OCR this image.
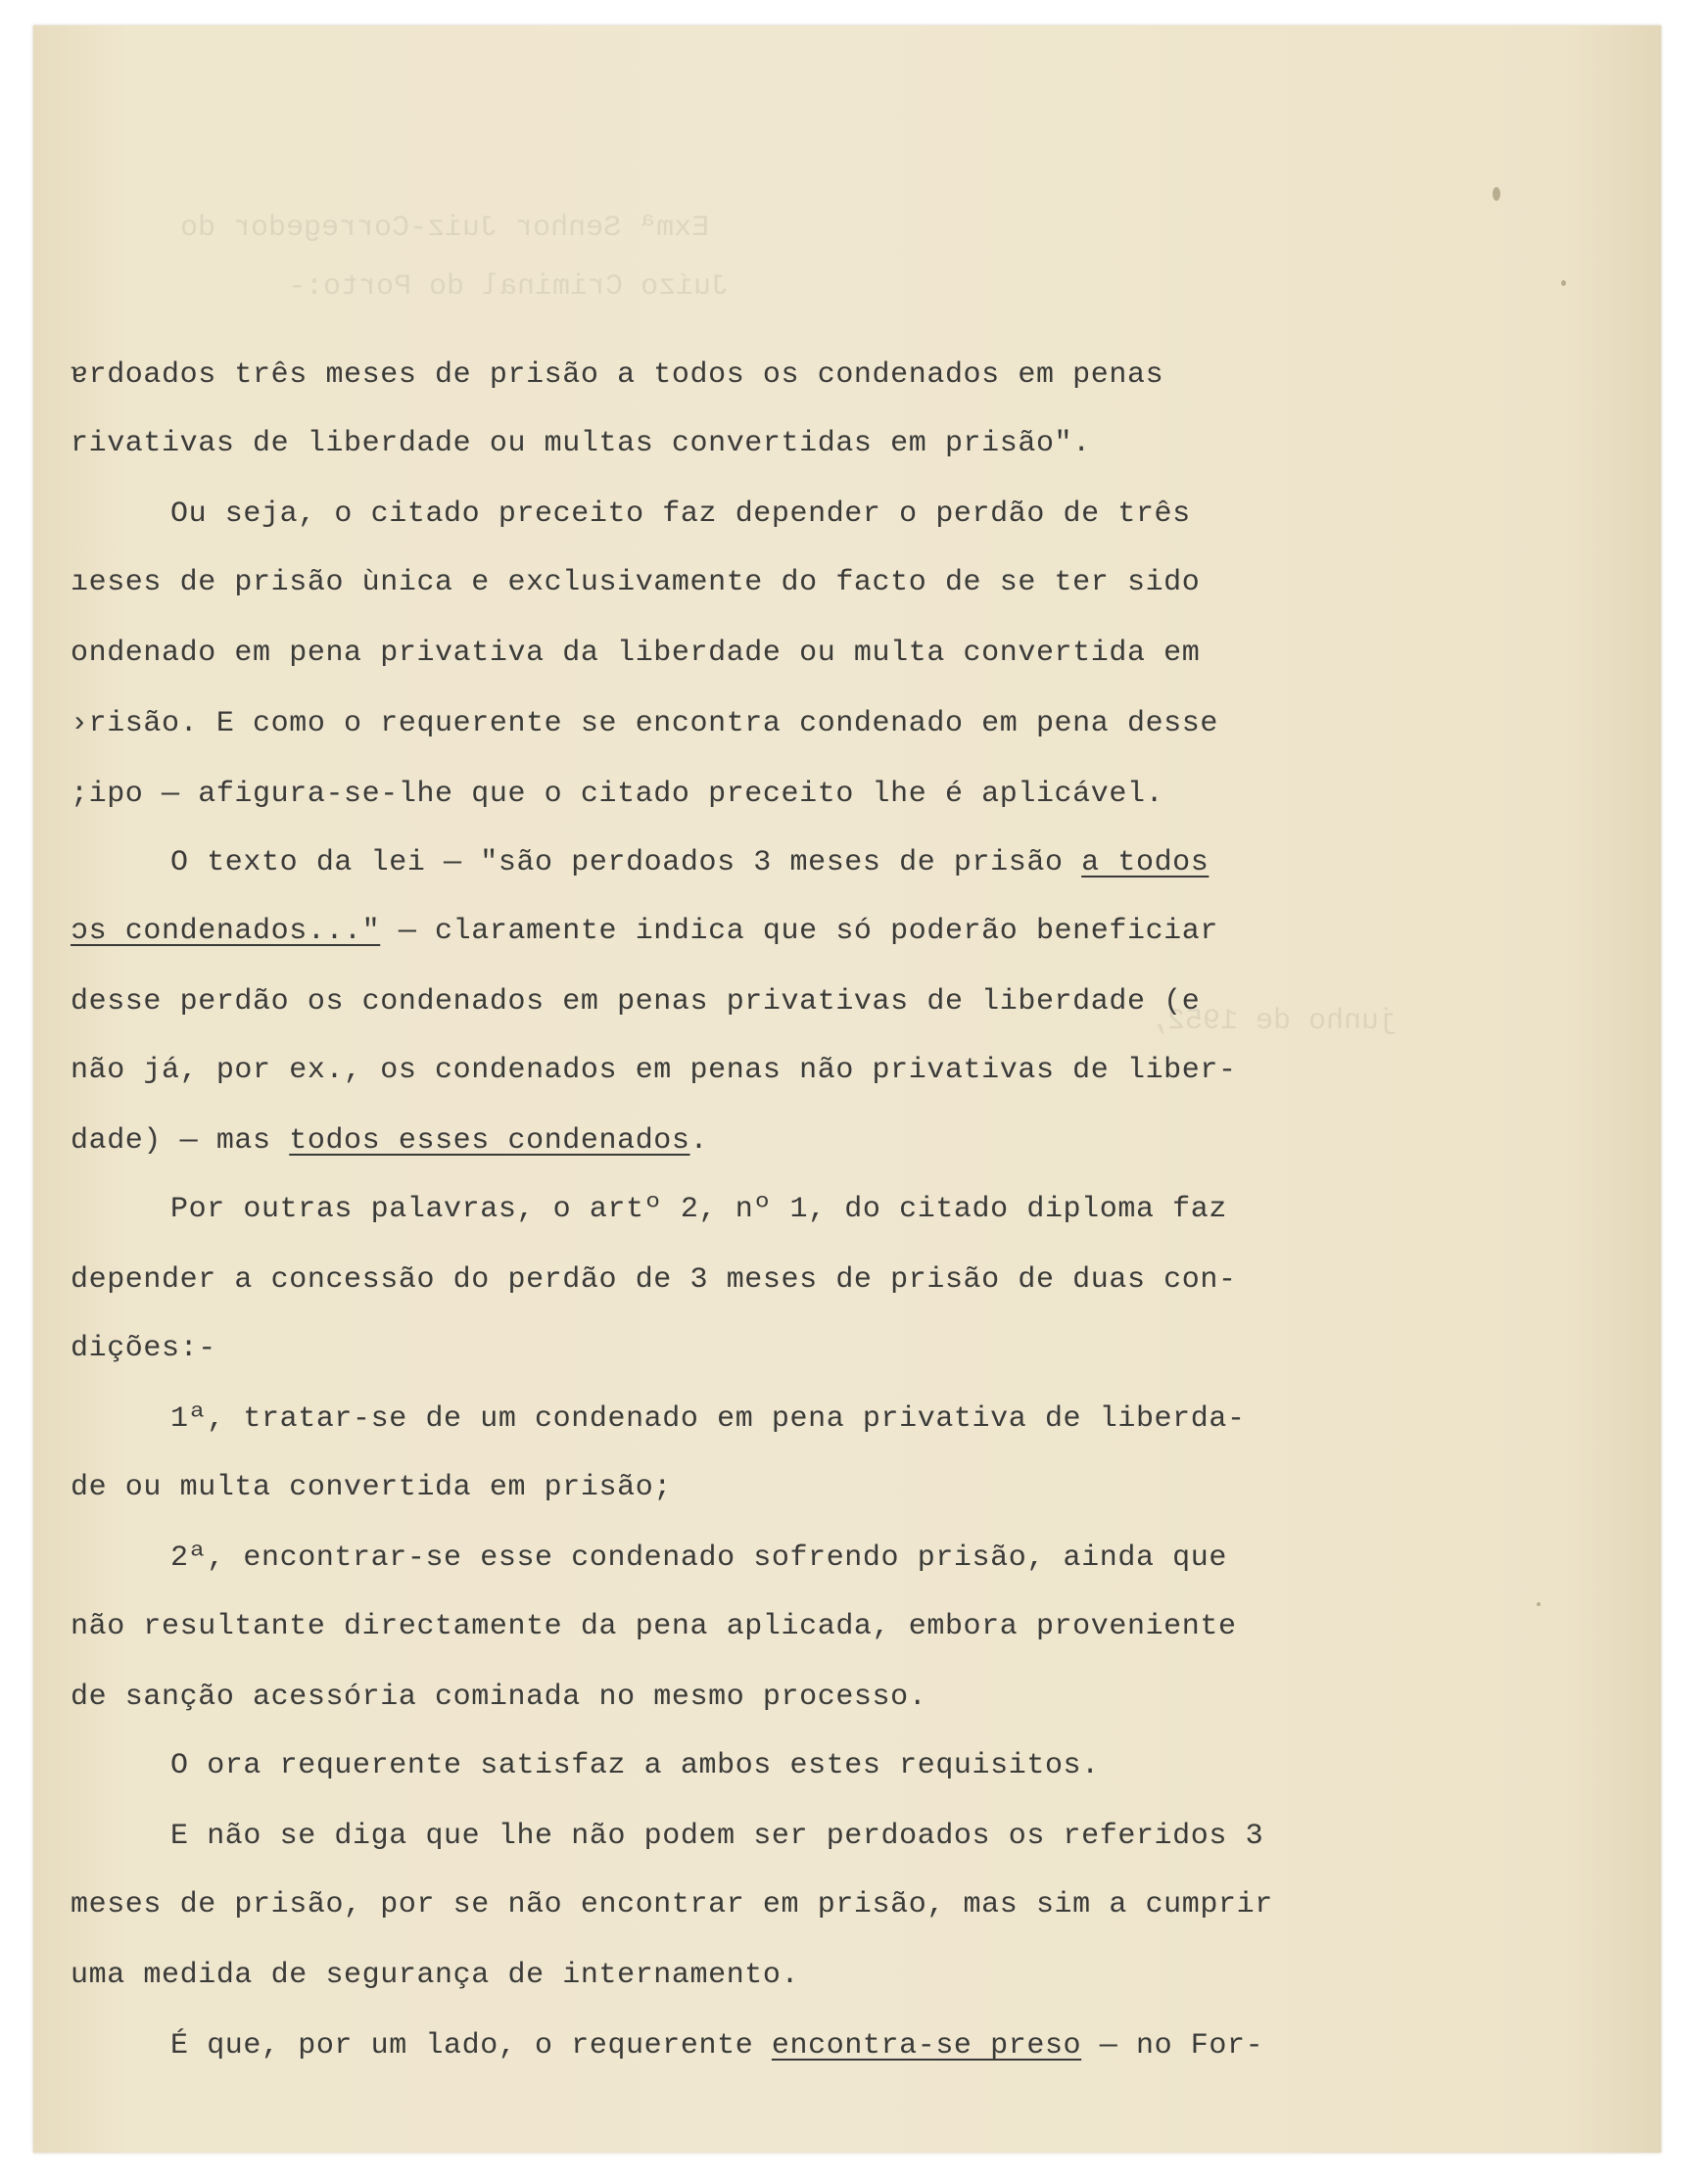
Exmª Senhor Juiz-Corregedor do
Juízo Criminal do Porto:-
junho de 1952,
ɐrdoados três meses de prisão a todos os condenados em penas
rivativas de liberdade ou multas convertidas em prisão".
Ou seja, o citado preceito faz depender o perdão de três
ıeses de prisão ùnica e exclusivamente do facto de se ter sido
ondenado em pena privativa da liberdade ou multa convertida em
›risão. E como o requerente se encontra condenado em pena desse
;ipo — afigura-se-lhe que o citado preceito lhe é aplicável.
O texto da lei — "são perdoados 3 meses de prisão a todos
ɔs condenados..." — claramente indica que só poderão beneficiar
desse perdão os condenados em penas privativas de liberdade (e
não já, por ex., os condenados em penas não privativas de liber-
dade) — mas todos esses condenados.
Por outras palavras, o artº 2, nº 1, do citado diploma faz
depender a concessão do perdão de 3 meses de prisão de duas con-
dições:-
1ª, tratar-se de um condenado em pena privativa de liberda-
de ou multa convertida em prisão;
2ª, encontrar-se esse condenado sofrendo prisão, ainda que
não resultante directamente da pena aplicada, embora proveniente
de sanção acessória cominada no mesmo processo.
O ora requerente satisfaz a ambos estes requisitos.
E não se diga que lhe não podem ser perdoados os referidos 3
meses de prisão, por se não encontrar em prisão, mas sim a cumprir
uma medida de segurança de internamento.
É que, por um lado, o requerente encontra-se preso — no For-
